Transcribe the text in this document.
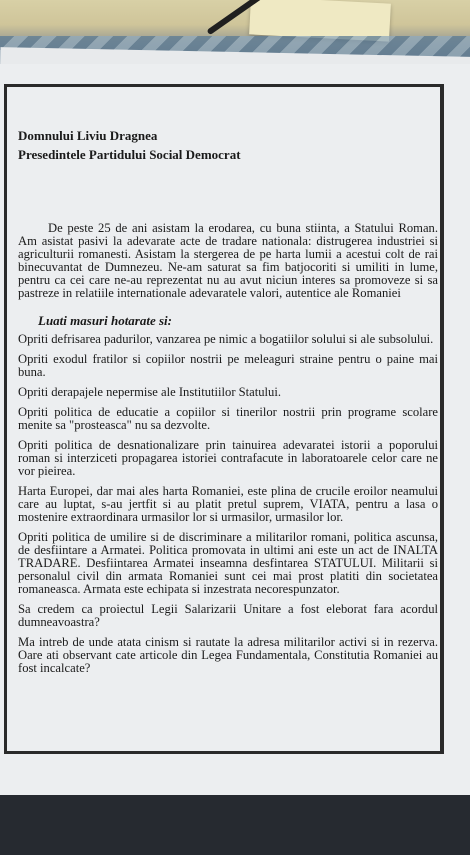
Domnului Liviu Dragnea

Presedintele Partidului Social Democrat

De peste 25 de ani asistam la erodarea, cu buna stiinta, a Statului Roman. Am asistat pasivi la adevarate acte de tradare nationala: distrugerea industriei si agriculturii romanesti. Asistam la stergerea de pe harta lumii a acestui colt de rai binecuvantat de Dumnezeu. Ne-am saturat sa fim batjocoriti si umiliti in lume, pentru ca cei care ne-au reprezentat nu au avut niciun interes sa promoveze si sa pastreze in relatiile internationale adevaratele valori, autentice ale Romaniei

Luati masuri hotarate si:

Opriti defrisarea padurilor, vanzarea pe nimic a bogatiilor solului si ale subsolului.

Opriti exodul fratilor si copiilor nostrii pe meleaguri straine pentru o paine mai buna.

Opriti derapajele nepermise ale Institutiilor Statului.

Opriti politica de educatie a copiilor si tinerilor nostrii prin programe scolare menite sa "prosteasca" nu sa dezvolte.

Opriti politica de desnationalizare prin tainuirea adevaratei istorii a poporului roman si interziceti propagarea istoriei contrafacute in laboratoarele celor care ne vor pieirea.

Harta Europei, dar mai ales harta Romaniei, este plina de crucile eroilor neamului care au luptat, s-au jertfit si au platit pretul suprem, VIATA, pentru a lasa o mostenire extraordinara urmasilor lor si urmasilor, urmasilor lor.

Opriti politica de umilire si de discriminare a militarilor romani, politica ascunsa, de desfiintare a Armatei. Politica promovata in ultimi ani este un act de INALTA TRADARE. Desfiintarea Armatei inseamna desfintarea STATULUI. Militarii si personalul civil din armata Romaniei sunt cei mai prost platiti din societatea romaneasca. Armata este echipata si inzestrata necorespunzator.

Sa credem ca proiectul Legii Salarizarii Unitare a fost eleborat fara acordul dumneavoastra?

Ma intreb de unde atata cinism si rautate la adresa militarilor activi si in rezerva. Oare ati observant cate articole din Legea Fundamentala, Constitutia Romaniei au fost incalcate?
